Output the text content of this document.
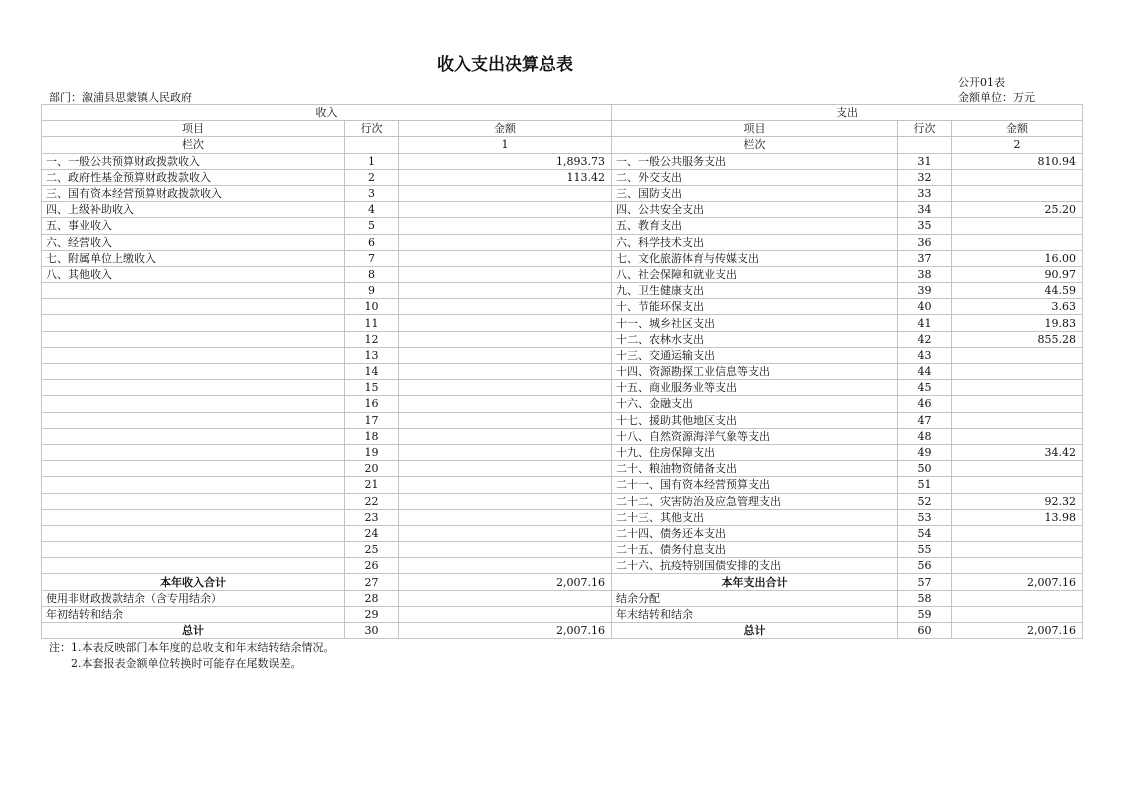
收入支出决算总表
公开01表
部门：溆浦县思蒙镇人民政府	金额单位：万元
收入			支出		
项目	行次	金额	项目	行次	金额
栏次		1	栏次		2
一、一般公共预算财政拨款收入	1	1,893.73	一、一般公共服务支出	31	810.94
二、政府性基金预算财政拨款收入	2	113.42	二、外交支出	32	
三、国有资本经营预算财政拨款收入	3		三、国防支出	33	
四、上级补助收入	4		四、公共安全支出	34	25.20
五、事业收入	5		五、教育支出	35	
六、经营收入	6		六、科学技术支出	36	
七、附属单位上缴收入	7		七、文化旅游体育与传媒支出	37	16.00
八、其他收入	8		八、社会保障和就业支出	38	90.97
	9		九、卫生健康支出	39	44.59
	10		十、节能环保支出	40	3.63
	11		十一、城乡社区支出	41	19.83
	12		十二、农林水支出	42	855.28
	13		十三、交通运输支出	43	
	14		十四、资源勘探工业信息等支出	44	
	15		十五、商业服务业等支出	45	
	16		十六、金融支出	46	
	17		十七、援助其他地区支出	47	
	18		十八、自然资源海洋气象等支出	48	
	19		十九、住房保障支出	49	34.42
	20		二十、粮油物资储备支出	50	
	21		二十一、国有资本经营预算支出	51	
	22		二十二、灾害防治及应急管理支出	52	92.32
	23		二十三、其他支出	53	13.98
	24		二十四、债务还本支出	54	
	25		二十五、债务付息支出	55	
	26		二十六、抗疫特别国债安排的支出	56	
本年收入合计	27	2,007.16	本年支出合计	57	2,007.16
使用非财政拨款结余（含专用结余）	28		结余分配	58	
年初结转和结余	29		年末结转和结余	59	
总计	30	2,007.16	总计	60	2,007.16
注：1.本表反映部门本年度的总收支和年末结转结余情况。
2.本套报表金额单位转换时可能存在尾数误差。
